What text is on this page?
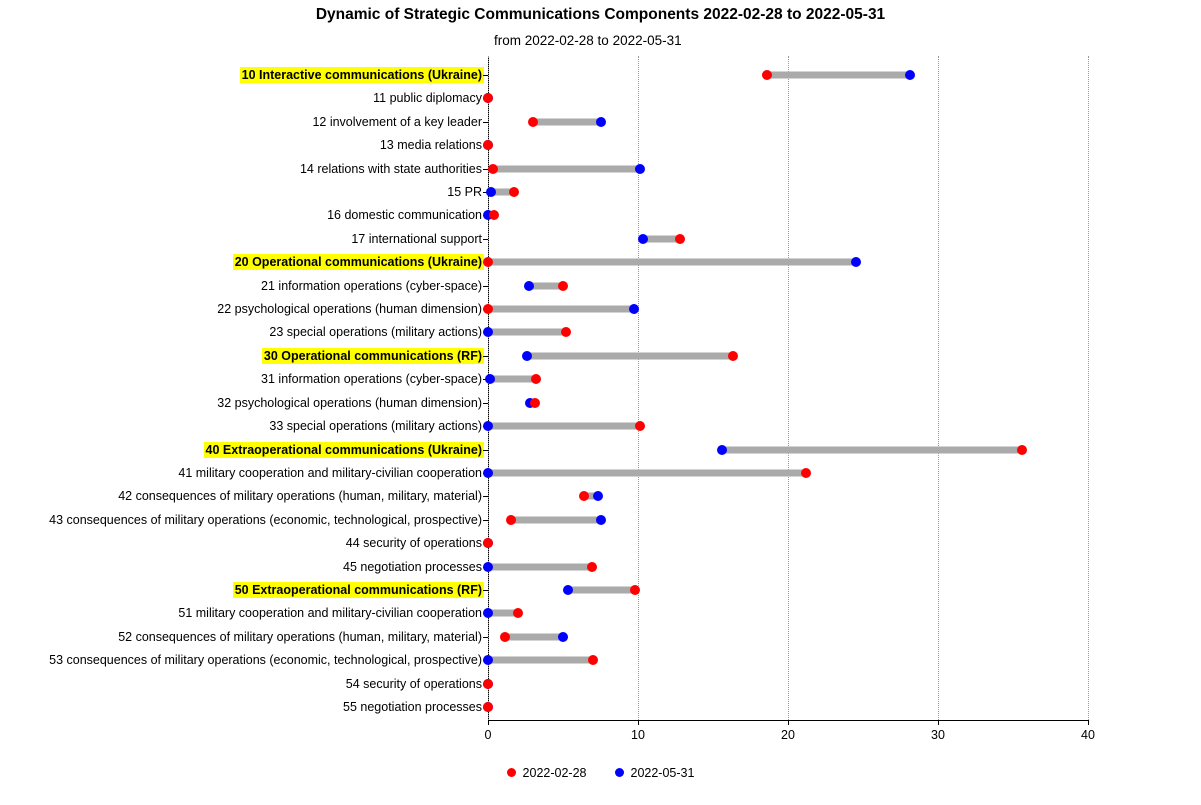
Dynamic of Strategic Communications Components 2022-02-28 to 2022-05-31
from 2022-02-28 to 2022-05-31
10 Interactive communications (Ukraine)
11 public diplomacy
12 involvement of a key leader
13 media relations
14 relations with state authorities
15 PR
16 domestic communication
17 international support
20 Operational communications (Ukraine)
21 information operations (cyber-space)
22 psychological operations (human dimension)
23 special operations (military actions)
30 Operational communications (RF)
31 information operations (cyber-space)
32 psychological operations (human dimension)
33 special operations (military actions)
40 Extraoperational communications (Ukraine)
41 military cooperation and military-civilian cooperation
42 consequences of military operations (human, military, material)
43 consequences of military operations (economic, technological, prospective)
44 security of operations
45 negotiation processes
50 Extraoperational communications (RF)
51 military cooperation and military-civilian cooperation
52 consequences of military operations (human, military, material)
53 consequences of military operations (economic, technological, prospective)
54 security of operations
55 negotiation processes
0	10	20	30	40
2022-02-28	2022-05-31
